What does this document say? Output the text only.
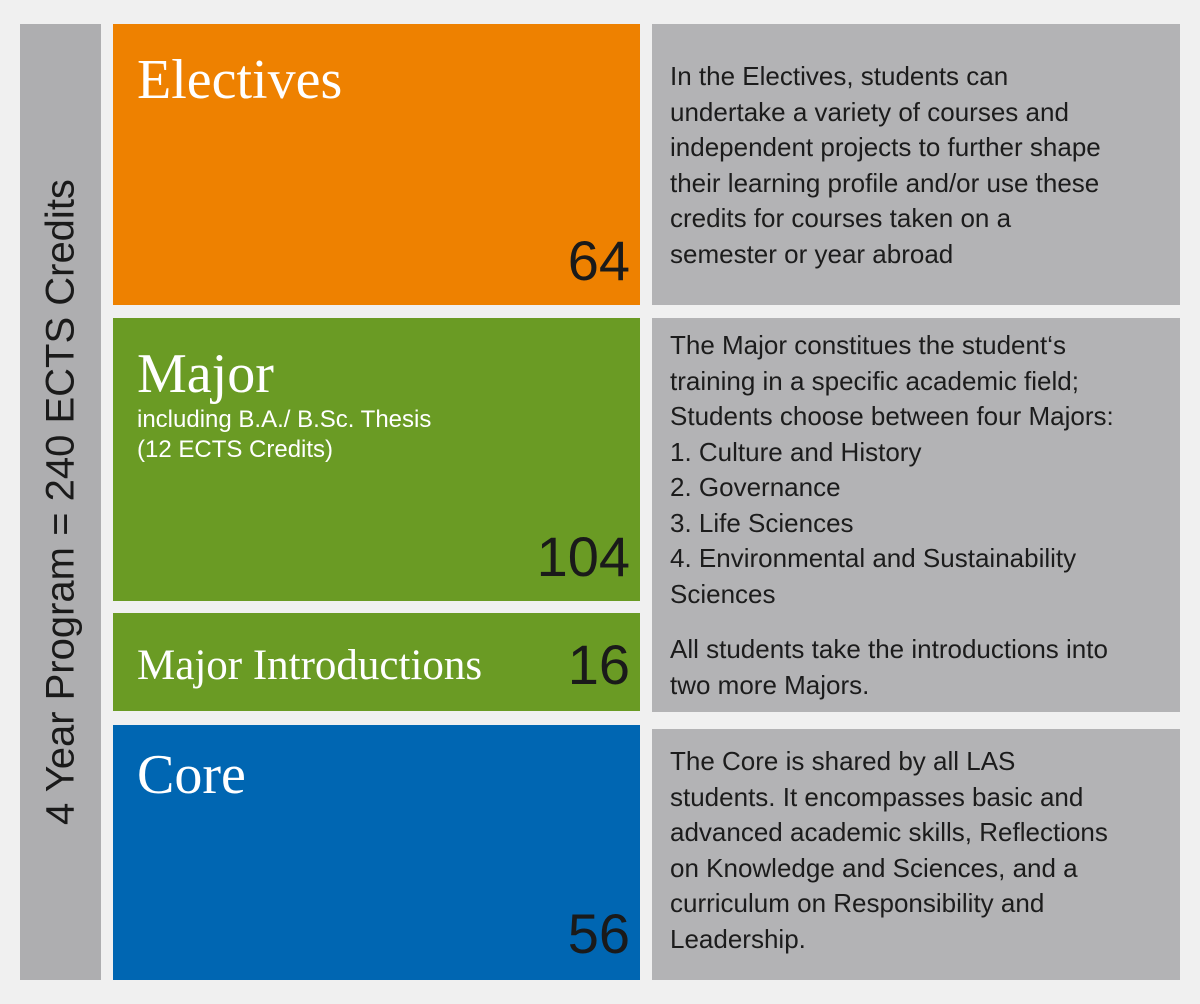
4 Year Program = 240 ECTS Credits
Electives
64
In the Electives, students can
undertake a variety of courses and
independent projects to further shape
their learning profile and/or use these
credits for courses taken on a
semester or year abroad
Major
including B.A./ B.Sc. Thesis
(12 ECTS Credits)
104
Major Introductions 16
The Major constitues the student‘s
training in a specific academic field;
Students choose between four Majors:
1. Culture and History
2. Governance
3. Life Sciences
4. Environmental and Sustainability
Sciences
All students take the introductions into
two more Majors.
Core
56
The Core is shared by all LAS
students. It encompasses basic and
advanced academic skills, Reflections
on Knowledge and Sciences, and a
curriculum on Responsibility and
Leadership.
